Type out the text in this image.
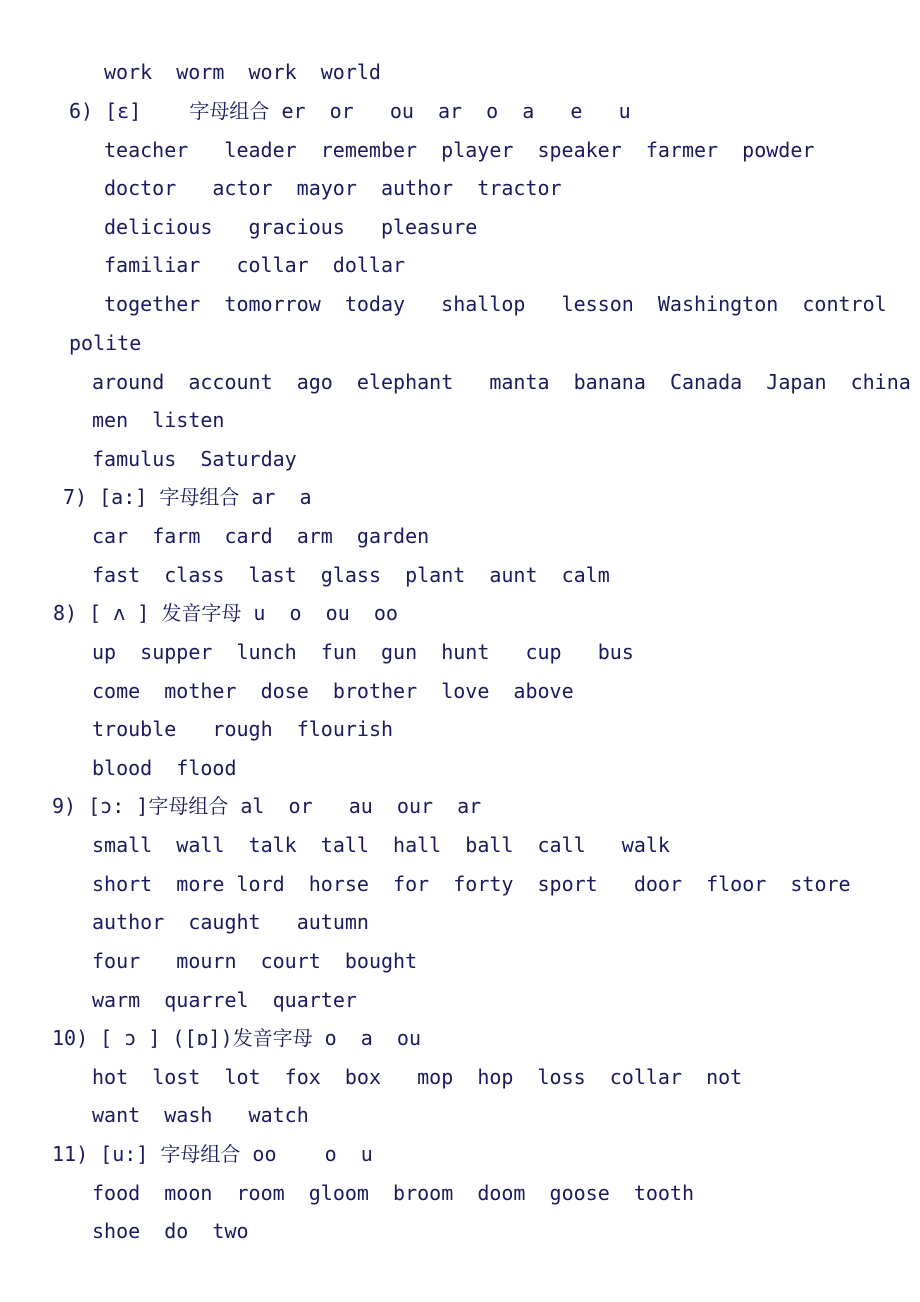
work  worm  work  world
6) [ɛ]    字母组合 er  or   ou  ar  o  a   e   u
teacher   leader  remember  player  speaker  farmer  powder
doctor   actor  mayor  author  tractor
delicious   gracious   pleasure
familiar   collar  dollar
together  tomorrow  today   shallop   lesson  Washington  control
polite
around  account  ago  elephant   manta  banana  Canada  Japan  china
men  listen
famulus  Saturday
7) [a:] 字母组合 ar  a
car  farm  card  arm  garden
fast  class  last  glass  plant  aunt  calm
8) [ ʌ ] 发音字母 u  o  ou  oo
up  supper  lunch  fun  gun  hunt   cup   bus
come  mother  dose  brother  love  above
trouble   rough  flourish
blood  flood
9) [ɔ: ]字母组合 al  or   au  our  ar
small  wall  talk  tall  hall  ball  call   walk
short  more lord  horse  for  forty  sport   door  floor  store
author  caught   autumn
four   mourn  court  bought
warm  quarrel  quarter
10) [ ɔ ] ([ɒ])发音字母 o  a  ou
hot  lost  lot  fox  box   mop  hop  loss  collar  not
want  wash   watch
11) [u:] 字母组合 oo    o  u
food  moon  room  gloom  broom  doom  goose  tooth
shoe  do  two
